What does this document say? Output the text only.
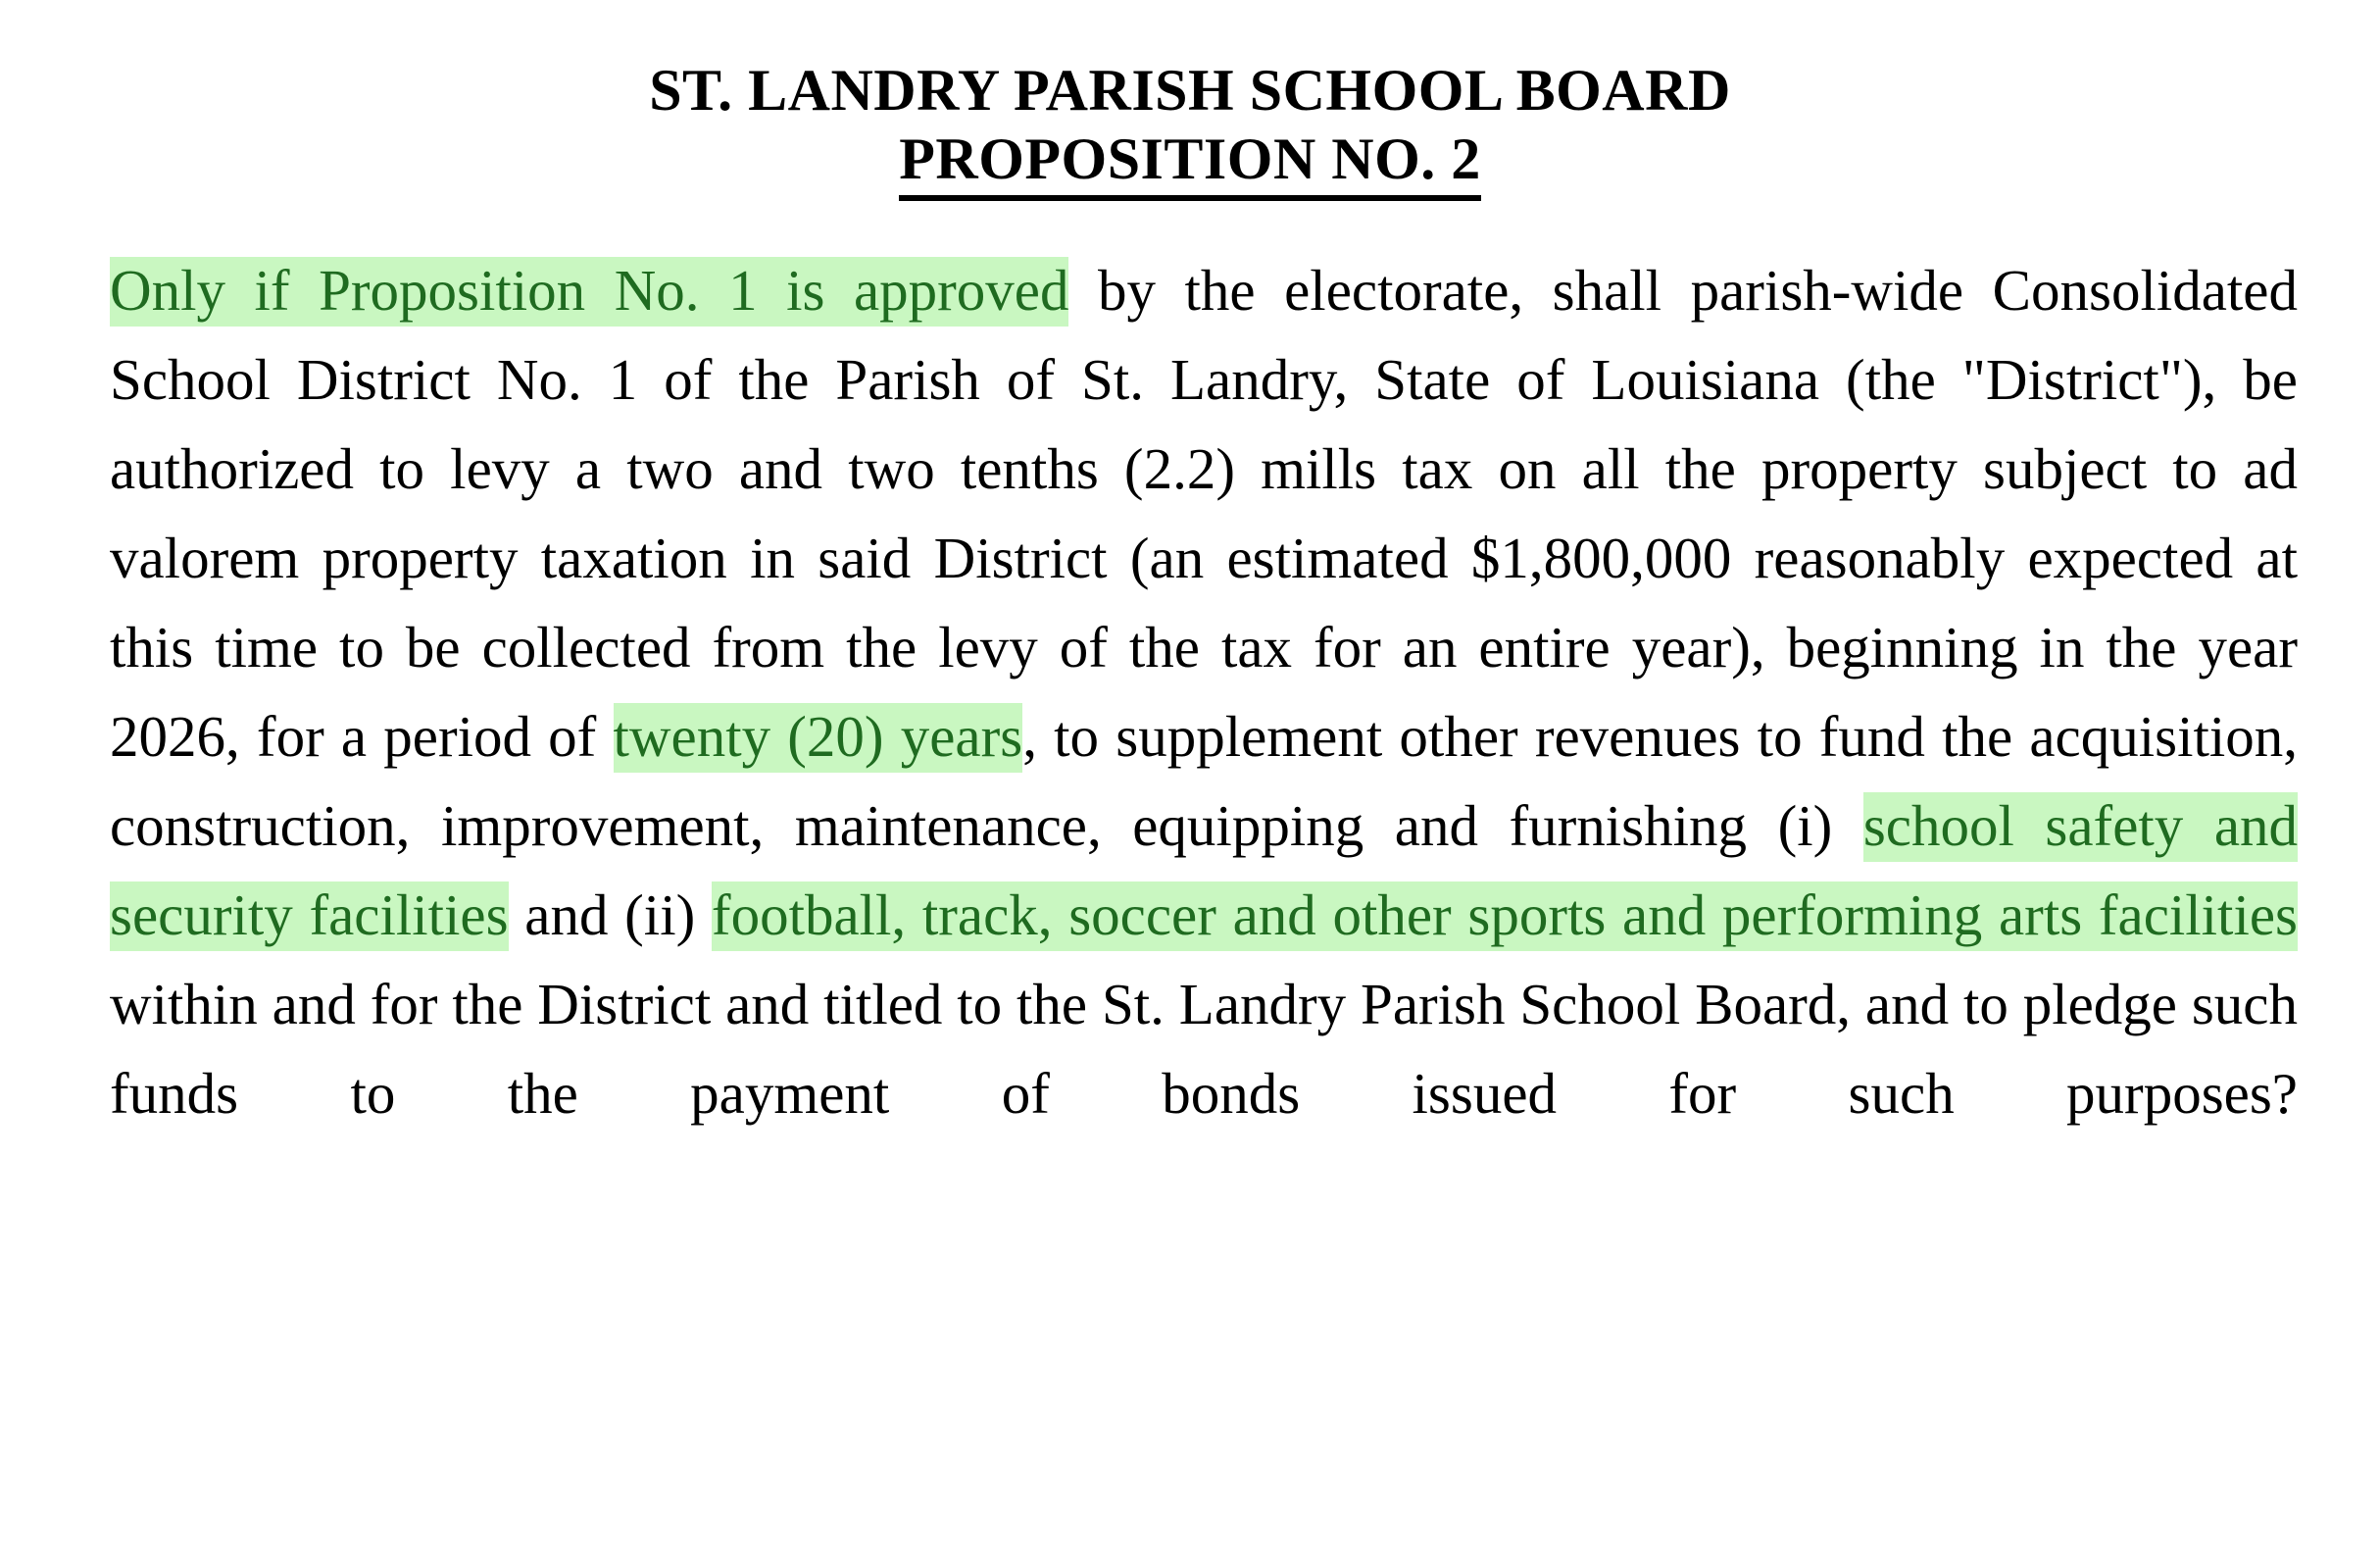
ST. LANDRY PARISH SCHOOL BOARD
PROPOSITION NO. 2
Only if Proposition No. 1 is approved by the electorate, shall parish-wide Consolidated School District No. 1 of the Parish of St. Landry, State of Louisiana (the "District"), be authorized to levy a two and two tenths (2.2) mills tax on all the property subject to ad valorem property taxation in said District (an estimated $1,800,000 reasonably expected at this time to be collected from the levy of the tax for an entire year), beginning in the year 2026, for a period of twenty (20) years, to supplement other revenues to fund the acquisition, construction, improvement, maintenance, equipping and furnishing (i) school safety and security facilities and (ii) football, track, soccer and other sports and performing arts facilities within and for the District and titled to the St. Landry Parish School Board, and to pledge such funds to the payment of bonds issued for such purposes?
